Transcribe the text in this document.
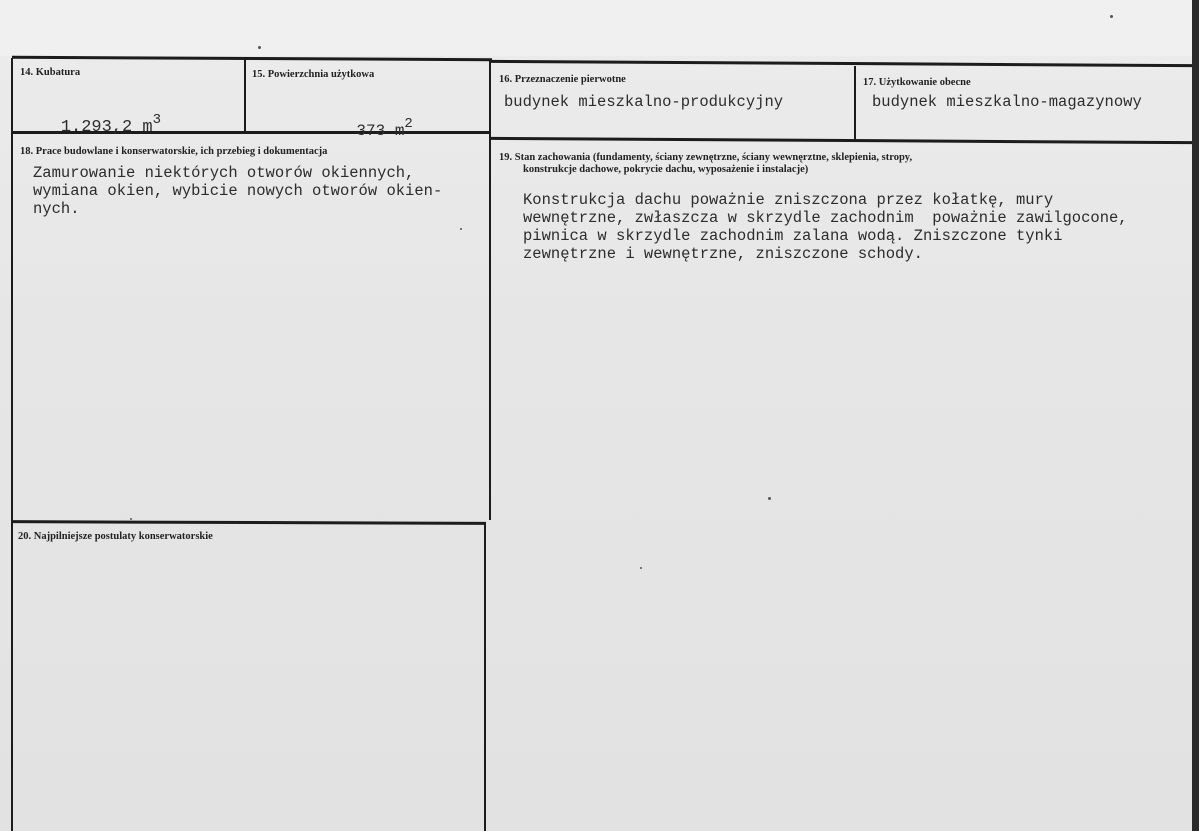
14. Kubatura

1.293,2 $m^3$

15. Powierzchnia użytkowa

373 $m^2$

16. Przeznaczenie pierwotne
budynek mieszkalno-produkcyjny
17. Użytkowanie obecne
budynek mieszkalno-magazynowy
18. Prace budowlane i konserwatorskie, ich przebieg i dokumentacja
Zamurowanie niektórych otworów okiennych,
wymiana okien, wybicie nowych otworów okien-
nych.
19. Stan zachowania (fundamenty, ściany zewnętrzne, ściany wewnęrztne, sklepienia, stropy,
konstrukcje dachowe, pokrycie dachu, wyposażenie i instalacje)
Konstrukcja dachu poważnie zniszczona przez kołatkę, mury
wewnętrzne, zwłaszcza w skrzydle zachodnim  poważnie zawilgocone,
piwnica w skrzydle zachodnim zalana wodą. Zniszczone tynki
zewnętrzne i wewnętrzne, zniszczone schody.
20. Najpilniejsze postulaty konserwatorskie
